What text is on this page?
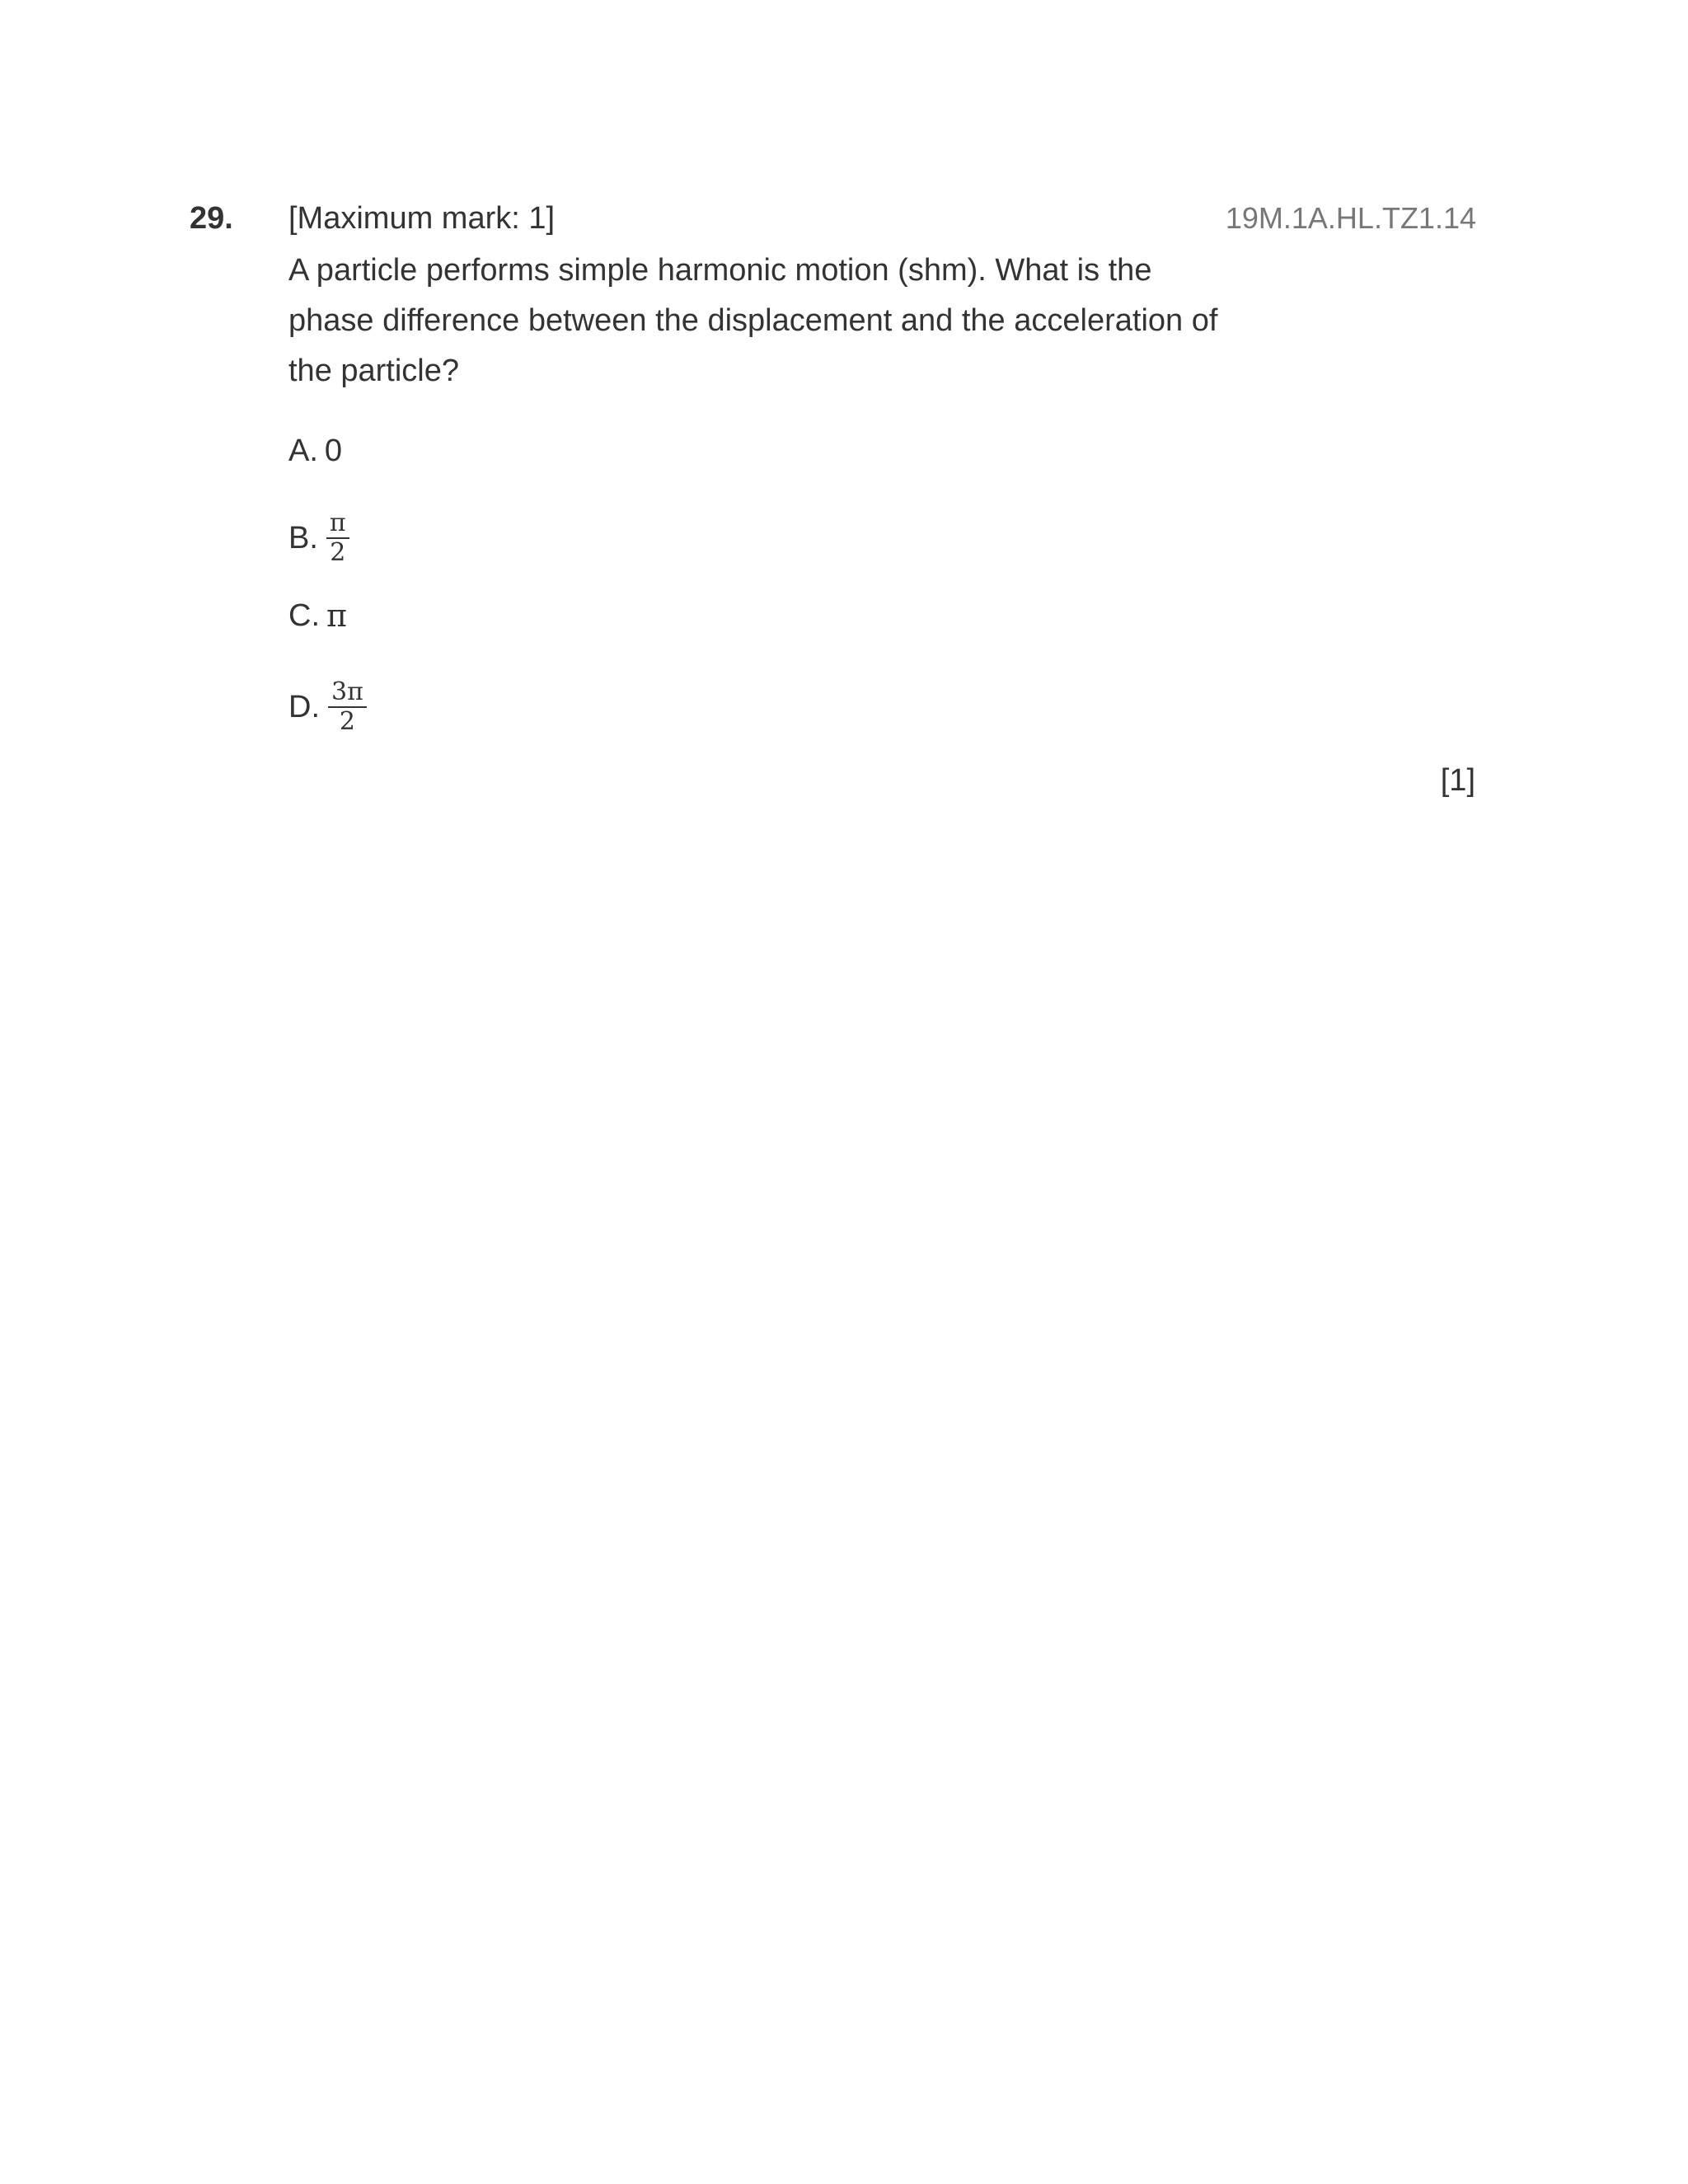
29. [Maximum mark: 1]	19M.1A.HL.TZ1.14
A particle performs simple harmonic motion (shm). What is the phase difference between the displacement and the acceleration of the particle?
A. 0
B. $\frac{\pi}{2}$
C. π
D. $\frac{3\pi}{2}$
[1]
